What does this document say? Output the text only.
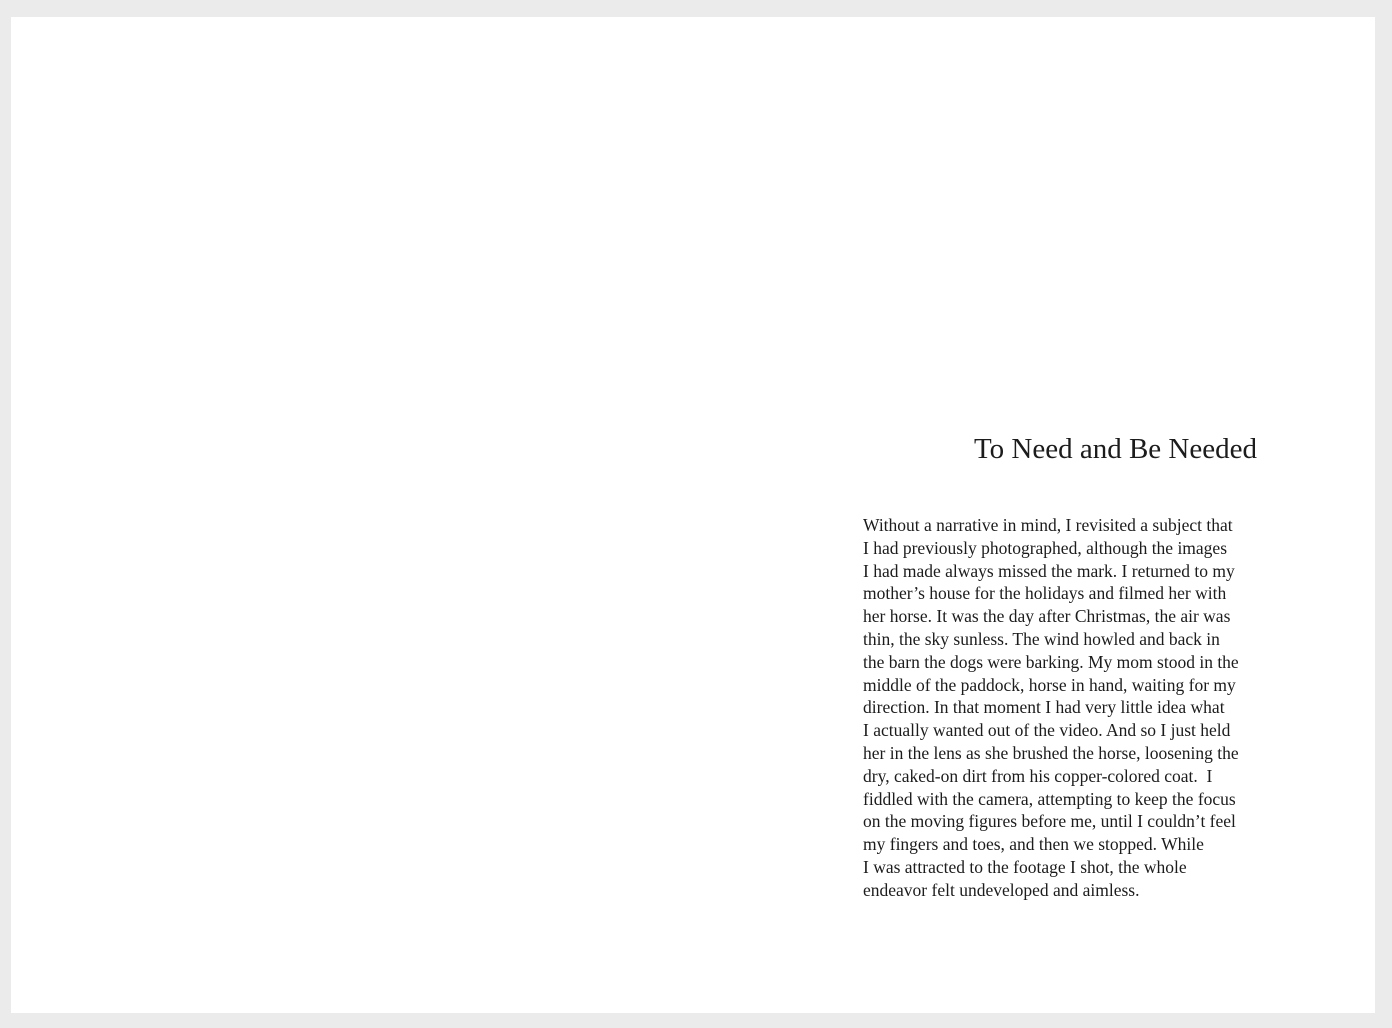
To Need and Be Needed

Without a narrative in mind, I revisited a subject that
I had previously photographed, although the images
I had made always missed the mark. I returned to my
mother’s house for the holidays and filmed her with
her horse. It was the day after Christmas, the air was
thin, the sky sunless. The wind howled and back in
the barn the dogs were barking. My mom stood in the
middle of the paddock, horse in hand, waiting for my
direction. In that moment I had very little idea what
I actually wanted out of the video. And so I just held
her in the lens as she brushed the horse, loosening the
dry, caked-on dirt from his copper-colored coat.  I
fiddled with the camera, attempting to keep the focus
on the moving figures before me, until I couldn’t feel
my fingers and toes, and then we stopped. While
I was attracted to the footage I shot, the whole
endeavor felt undeveloped and aimless.
